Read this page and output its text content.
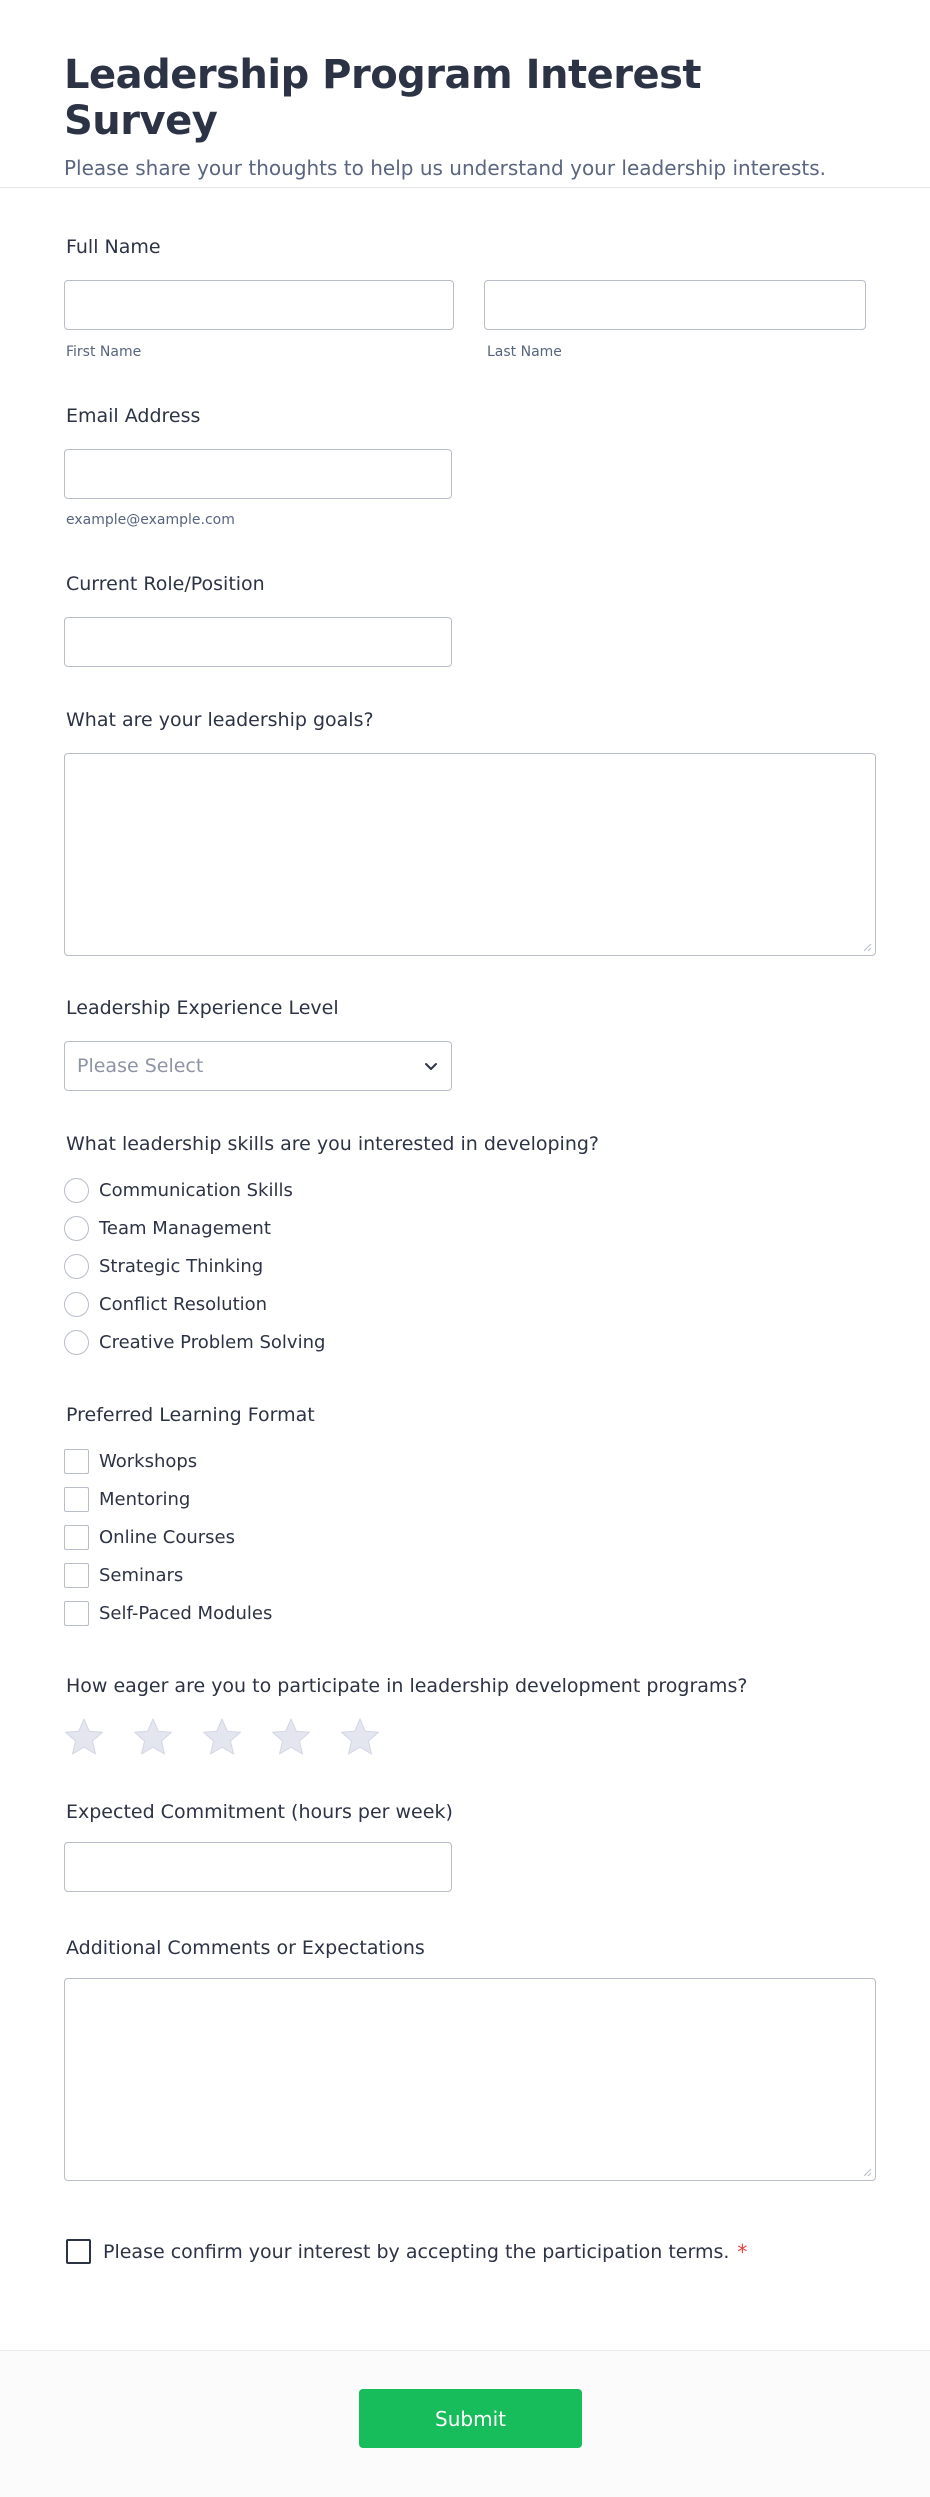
Leadership Program Interest Survey
Please share your thoughts to help us understand your leadership interests.
Full Name
First Name	Last Name
Email Address
example@example.com
Current Role/Position
What are your leadership goals?
Leadership Experience Level
Please Select
What leadership skills are you interested in developing?
Communication Skills
Team Management
Strategic Thinking
Conflict Resolution
Creative Problem Solving
Preferred Learning Format
Workshops
Mentoring
Online Courses
Seminars
Self-Paced Modules
How eager are you to participate in leadership development programs?
Expected Commitment (hours per week)
Additional Comments or Expectations
Please confirm your interest by accepting the participation terms. *
Submit
